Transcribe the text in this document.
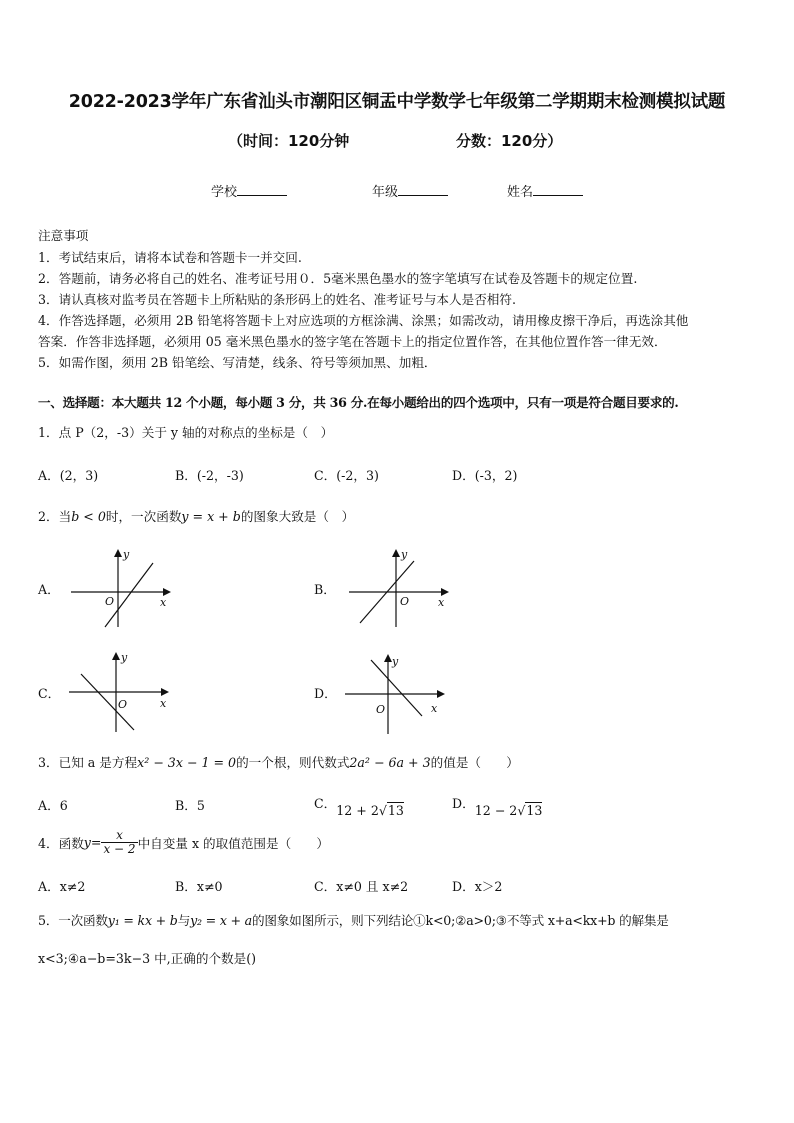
2022-2023学年广东省汕头市潮阳区铜盂中学数学七年级第二学期期末检测模拟试题
（时间：120分钟	分数：120分）
学校	年级	姓名
注意事项
1．考试结束后，请将本试卷和答题卡一并交回.
2．答题前，请务必将自己的姓名、准考证号用０．5毫米黑色墨水的签字笔填写在试卷及答题卡的规定位置.
3．请认真核对监考员在答题卡上所粘贴的条形码上的姓名、准考证号与本人是否相符.
4．作答选择题，必须用 2B 铅笔将答题卡上对应选项的方框涂满、涂黑；如需改动，请用橡皮擦干净后，再选涂其他
答案．作答非选择题，必须用 05 毫米黑色墨水的签字笔在答题卡上的指定位置作答，在其他位置作答一律无效．
5．如需作图，须用 2B 铅笔绘、写清楚，线条、符号等须加黑、加粗．
一、选择题：本大题共 12 个小题，每小题 3 分，共 36 分.在每小题给出的四个选项中，只有一项是符合题目要求的.
1．点 P（2，-3）关于 y 轴的对称点的坐标是（　）
A．(2，3)	B．(-2，-3)	C．(-2，3)	D．(-3，2)
2．当b < 0时，一次函数y = x + b的图象大致是（　）
A．
y
x
O
B．
y
x
O
C．
y
x
O
D．
y
x
O
3．已知 a 是方程x² − 3x − 1 = 0的一个根，则代数式2a² − 6a + 3的值是（　　）
A．6	B．5	C．12 + 2√13	D．12 − 2√13
4．函数$y= \frac{x}{x - 2}$ 中自变量 x 的取值范围是（　　）
A．x≠2	B．x≠0	C．x≠0 且 x≠2	D．x＞2
5．一次函数y₁ = kx + b与y₂ = x + a的图象如图所示，则下列结论①k<0;②a>0;③不等式 x+a<kx+b 的解集是
x<3;④a−b=3k−3 中,正确的个数是()
